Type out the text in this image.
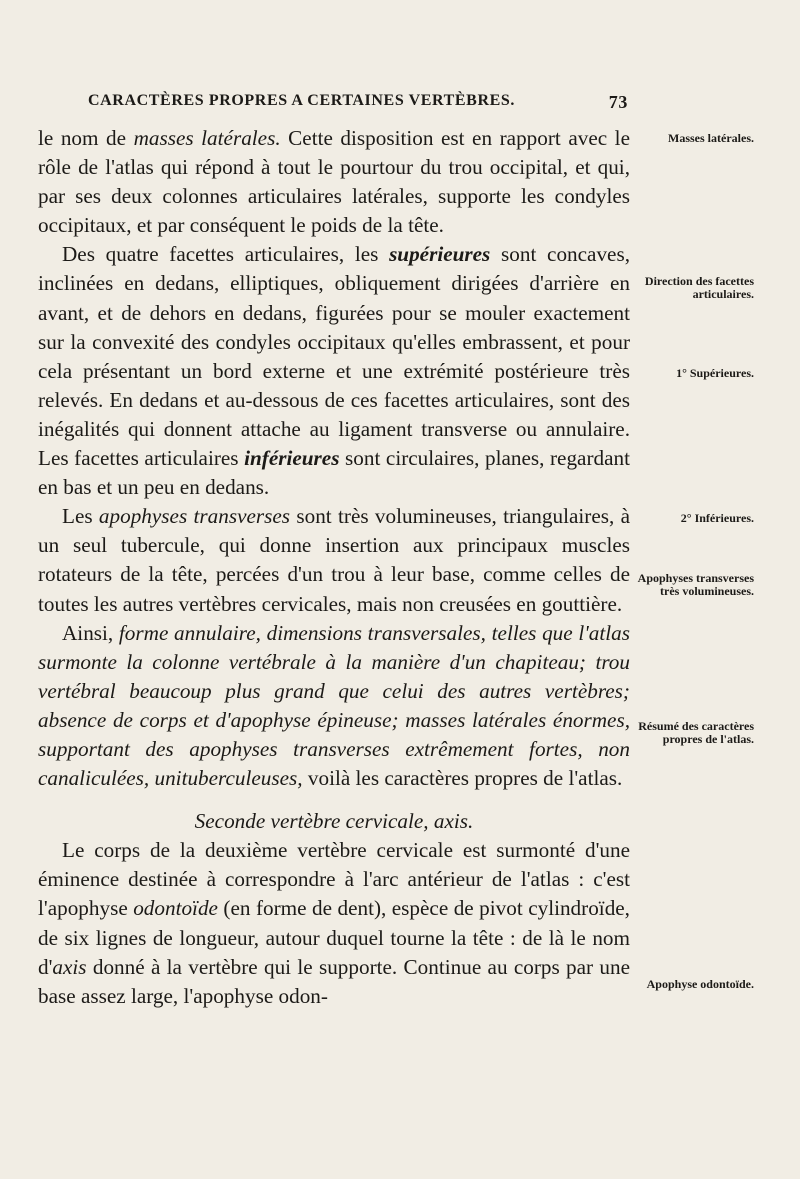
CARACTÈRES PROPRES A CERTAINES VERTÈBRES.	73

le nom de masses latérales. Cette disposition est en rapport avec le rôle de l'atlas qui répond à tout le pourtour du trou occipital, et qui, par ses deux colonnes articulaires latérales, supporte les condyles occipitaux, et par conséquent le poids de la tête.

Des quatre facettes articulaires, les supérieures sont concaves, inclinées en dedans, elliptiques, obliquement dirigées d'arrière en avant, et de dehors en dedans, figurées pour se mouler exactement sur la convexité des condyles occipitaux qu'elles embrassent, et pour cela présentant un bord externe et une extrémité postérieure très relevés. En dedans et au-dessous de ces facettes articulaires, sont des inégalités qui donnent attache au ligament transverse ou annulaire. Les facettes articulaires inférieures sont circulaires, planes, regardant en bas et un peu en dedans.

Les apophyses transverses sont très volumineuses, triangulaires, à un seul tubercule, qui donne insertion aux principaux muscles rotateurs de la tête, percées d'un trou à leur base, comme celles de toutes les autres vertèbres cervicales, mais non creusées en gouttière.

Ainsi, forme annulaire, dimensions transversales, telles que l'atlas surmonte la colonne vertébrale à la manière d'un chapiteau; trou vertébral beaucoup plus grand que celui des autres vertèbres; absence de corps et d'apophyse épineuse; masses latérales énormes, supportant des apophyses transverses extrêmement fortes, non canaliculées, unituberculeuses, voilà les caractères propres de l'atlas.

Seconde vertèbre cervicale, axis.

Le corps de la deuxième vertèbre cervicale est surmonté d'une éminence destinée à correspondre à l'arc antérieur de l'atlas : c'est l'apophyse odontoïde (en forme de dent), espèce de pivot cylindroïde, de six lignes de longueur, autour duquel tourne la tête : de là le nom d'axis donné à la vertèbre qui le supporte. Continue au corps par une base assez large, l'apophyse odon-

Masses latérales.
Direction des facettes articulaires.
1° Supérieures.
2° Inférieures.
Apophyses transverses très volumineuses.
Résumé des caractères propres de l'atlas.
Apophyse odontoïde.
